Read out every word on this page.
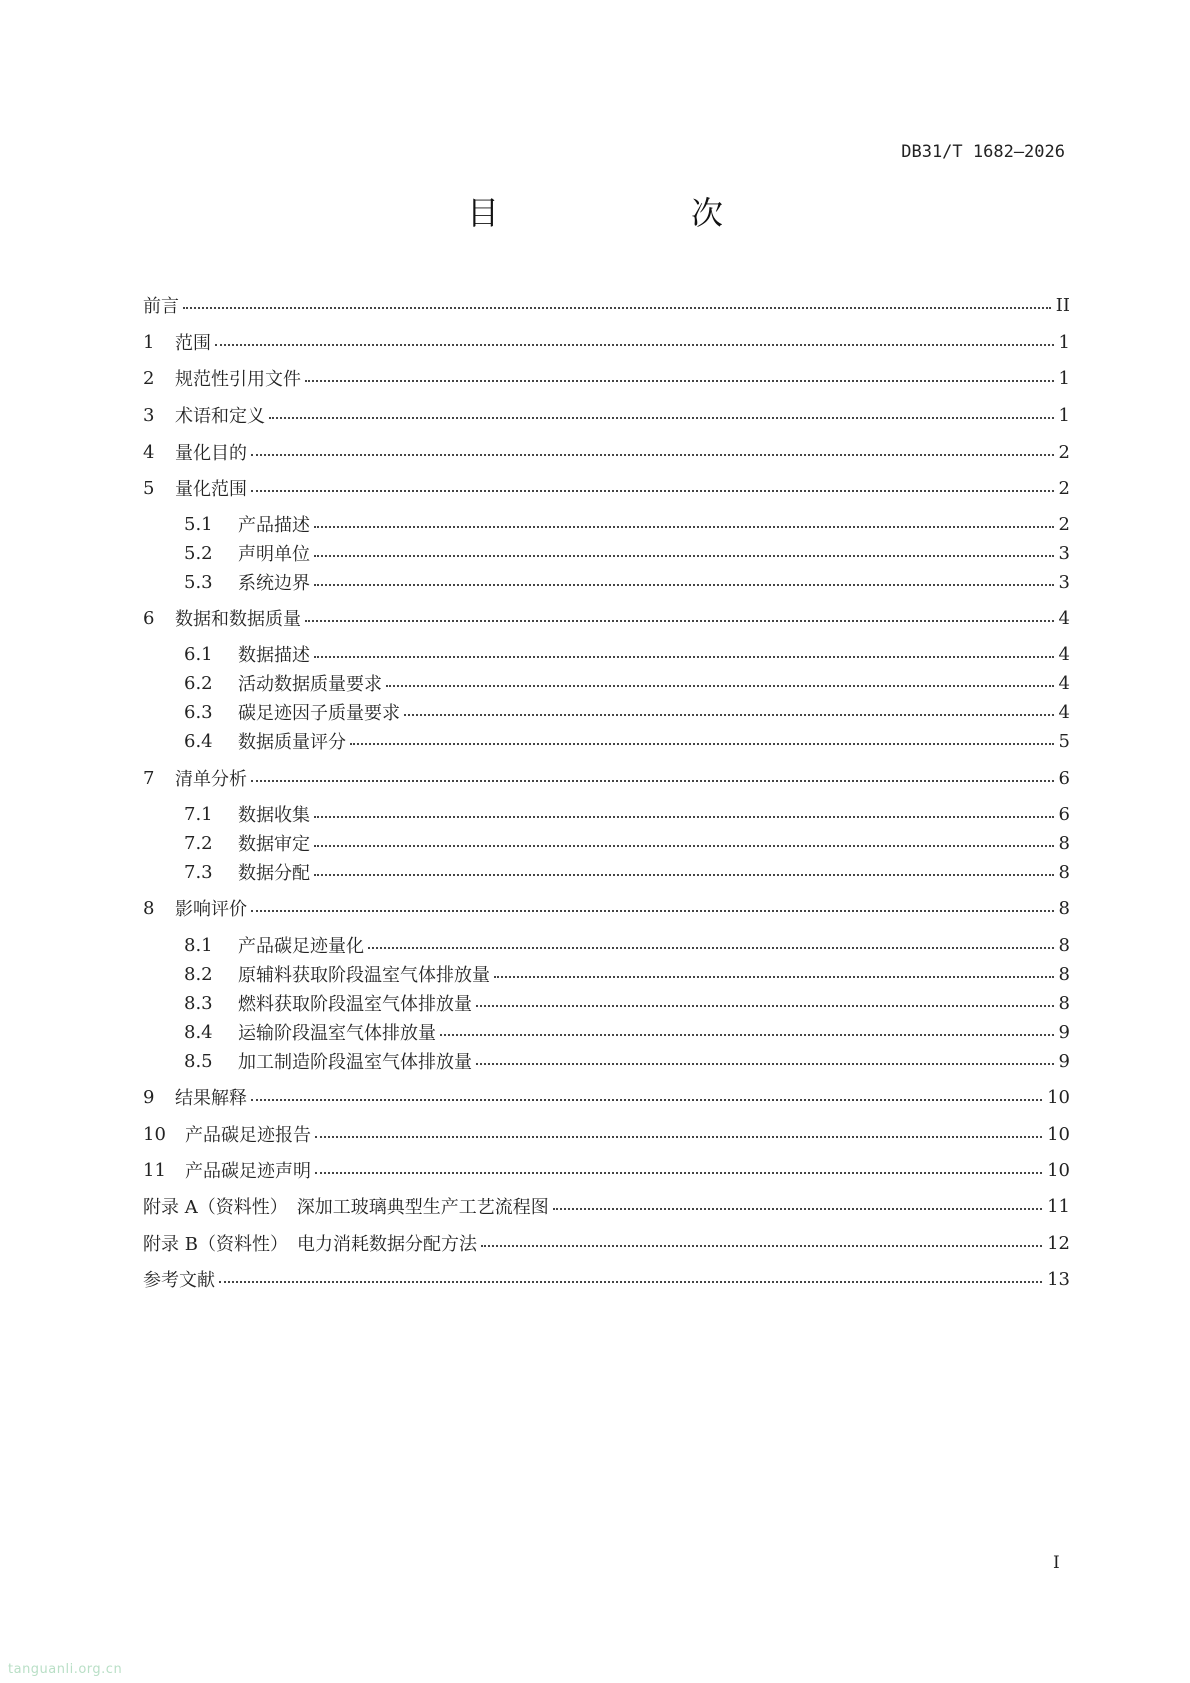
DB31/T 1682—2026
目　次
前言	II
1	范围	1
2	规范性引用文件	1
3	术语和定义	1
4	量化目的	2
5	量化范围	2
5.1	产品描述	2
5.2	声明单位	3
5.3	系统边界	3
6	数据和数据质量	4
6.1	数据描述	4
6.2	活动数据质量要求	4
6.3	碳足迹因子质量要求	4
6.4	数据质量评分	5
7	清单分析	6
7.1	数据收集	6
7.2	数据审定	8
7.3	数据分配	8
8	影响评价	8
8.1	产品碳足迹量化	8
8.2	原辅料获取阶段温室气体排放量	8
8.3	燃料获取阶段温室气体排放量	8
8.4	运输阶段温室气体排放量	9
8.5	加工制造阶段温室气体排放量	9
9	结果解释	10
10	产品碳足迹报告	10
11	产品碳足迹声明	10
附录 A（资料性）　深加工玻璃典型生产工艺流程图	11
附录 B（资料性）　电力消耗数据分配方法	12
参考文献	13
I
tanguanli.org.cn
